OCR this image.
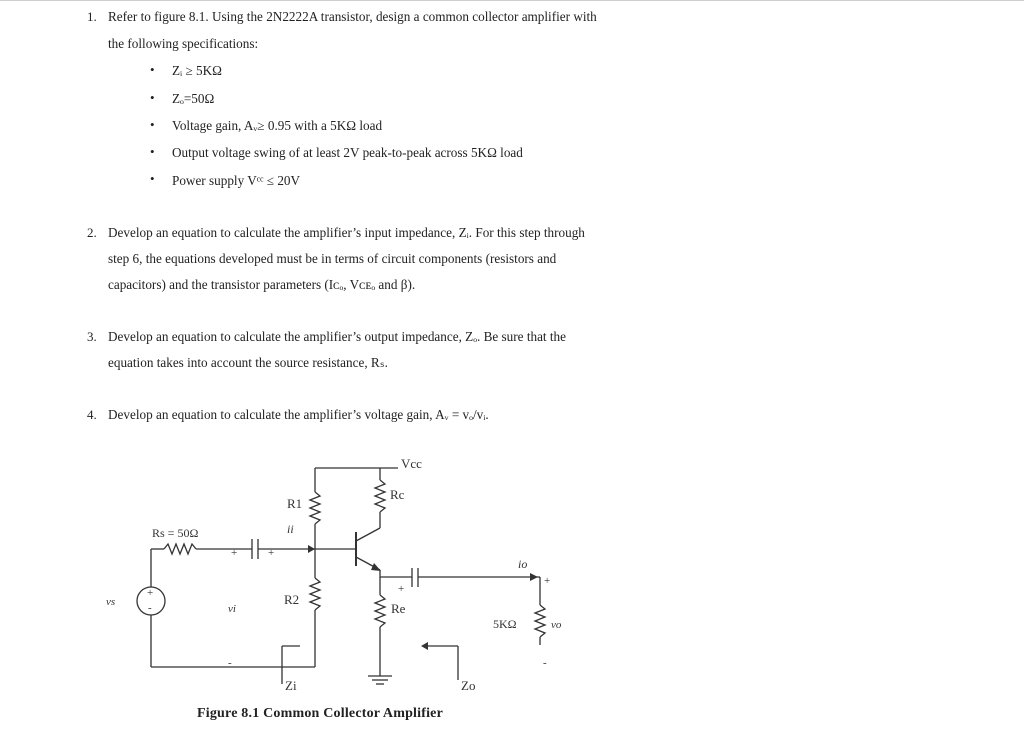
1. Refer to figure 8.1. Using the 2N2222A transistor, design a common collector amplifier with
the following specifications:
• Zᵢ ≥ 5KΩ
• Zₒ=50Ω
• Voltage gain, Aᵥ≥ 0.95 with a 5KΩ load
• Output voltage swing of at least 2V peak-to-peak across 5KΩ load
• Power supply Vᶜᶜ ≤ 20V
2. Develop an equation to calculate the amplifier’s input impedance, Zᵢ. For this step through
step 6, the equations developed must be in terms of circuit components (resistors and
capacitors) and the transistor parameters (Iᴄₒ, Vᴄᴇₒ and β).
3. Develop an equation to calculate the amplifier’s output impedance, Zₒ. Be sure that the
equation takes into account the source resistance, Rₛ.
4. Develop an equation to calculate the amplifier’s voltage gain, Aᵥ = vₒ/vᵢ.
+
-
Vcc
R1
Rc
ii
Rs = 50Ω
+	+
vs
vi
R2
Re
io
+
+
5KΩ	vo
-	-
Zi	Zo
Figure 8.1 Common Collector Amplifier
